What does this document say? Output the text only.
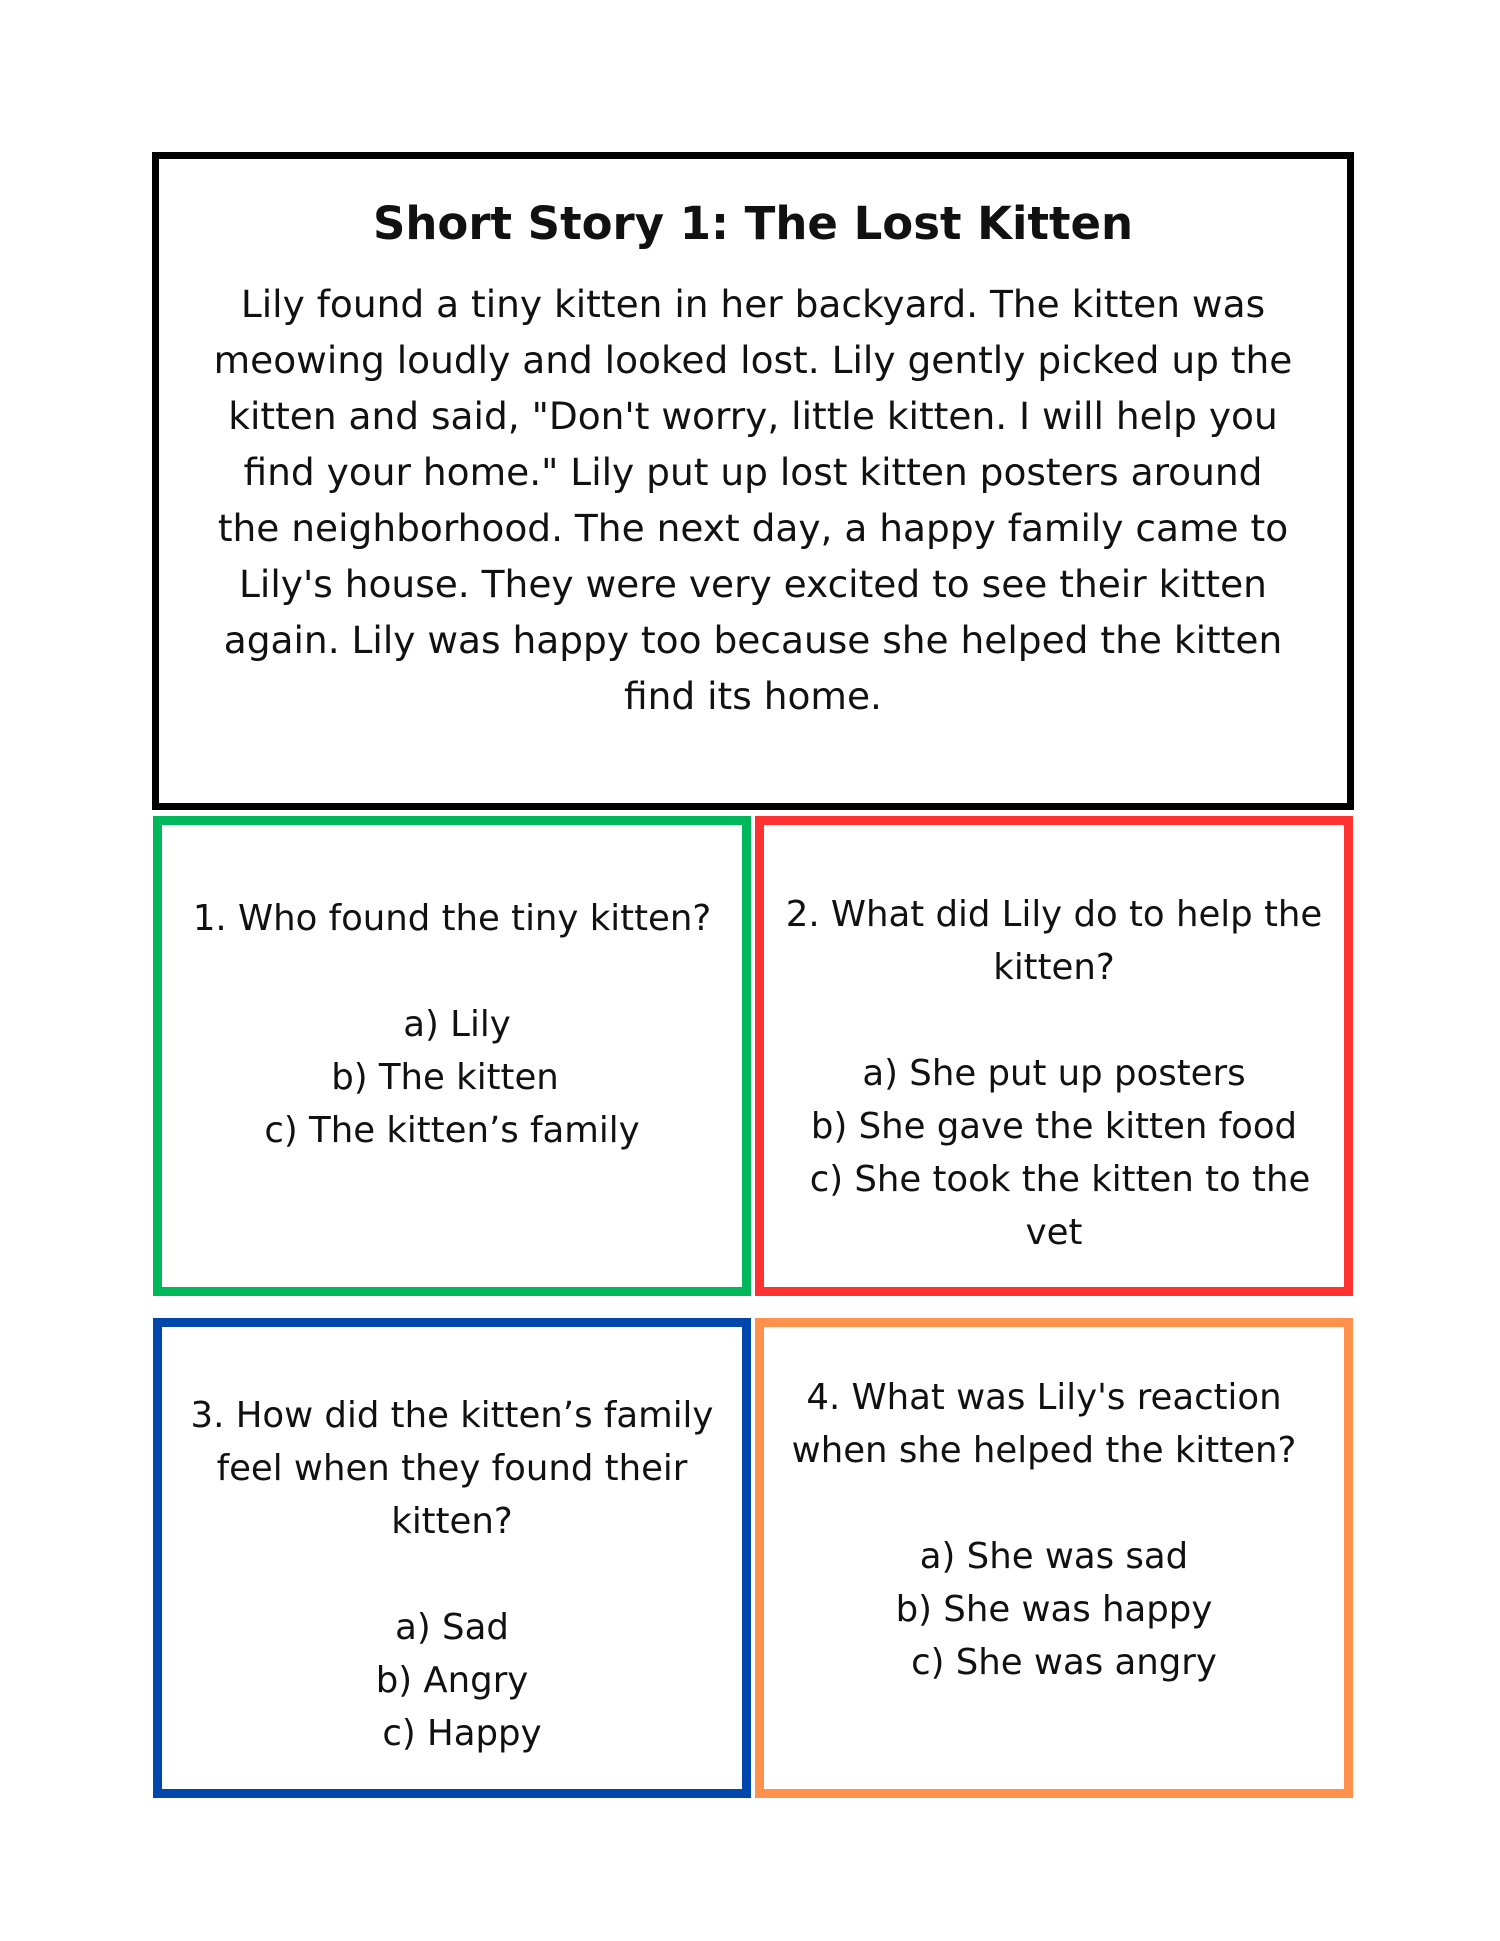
Short Story 1: The Lost Kitten
Lily found a tiny kitten in her backyard. The kitten was
meowing loudly and looked lost. Lily gently picked up the
kitten and said, "Don't worry, little kitten. I will help you
find your home." Lily put up lost kitten posters around
the neighborhood. The next day, a happy family came to
Lily's house. They were very excited to see their kitten
again. Lily was happy too because she helped the kitten
find its home.
1. Who found the tiny kitten?
a) Lily
b) The kitten
c) The kitten’s family
2. What did Lily do to help the
kitten?
a) She put up posters
b) She gave the kitten food
c) She took the kitten to the
vet
3. How did the kitten’s family
feel when they found their
kitten?
a) Sad
b) Angry
c) Happy
4. What was Lily's reaction
when she helped the kitten?
a) She was sad
b) She was happy
c) She was angry
